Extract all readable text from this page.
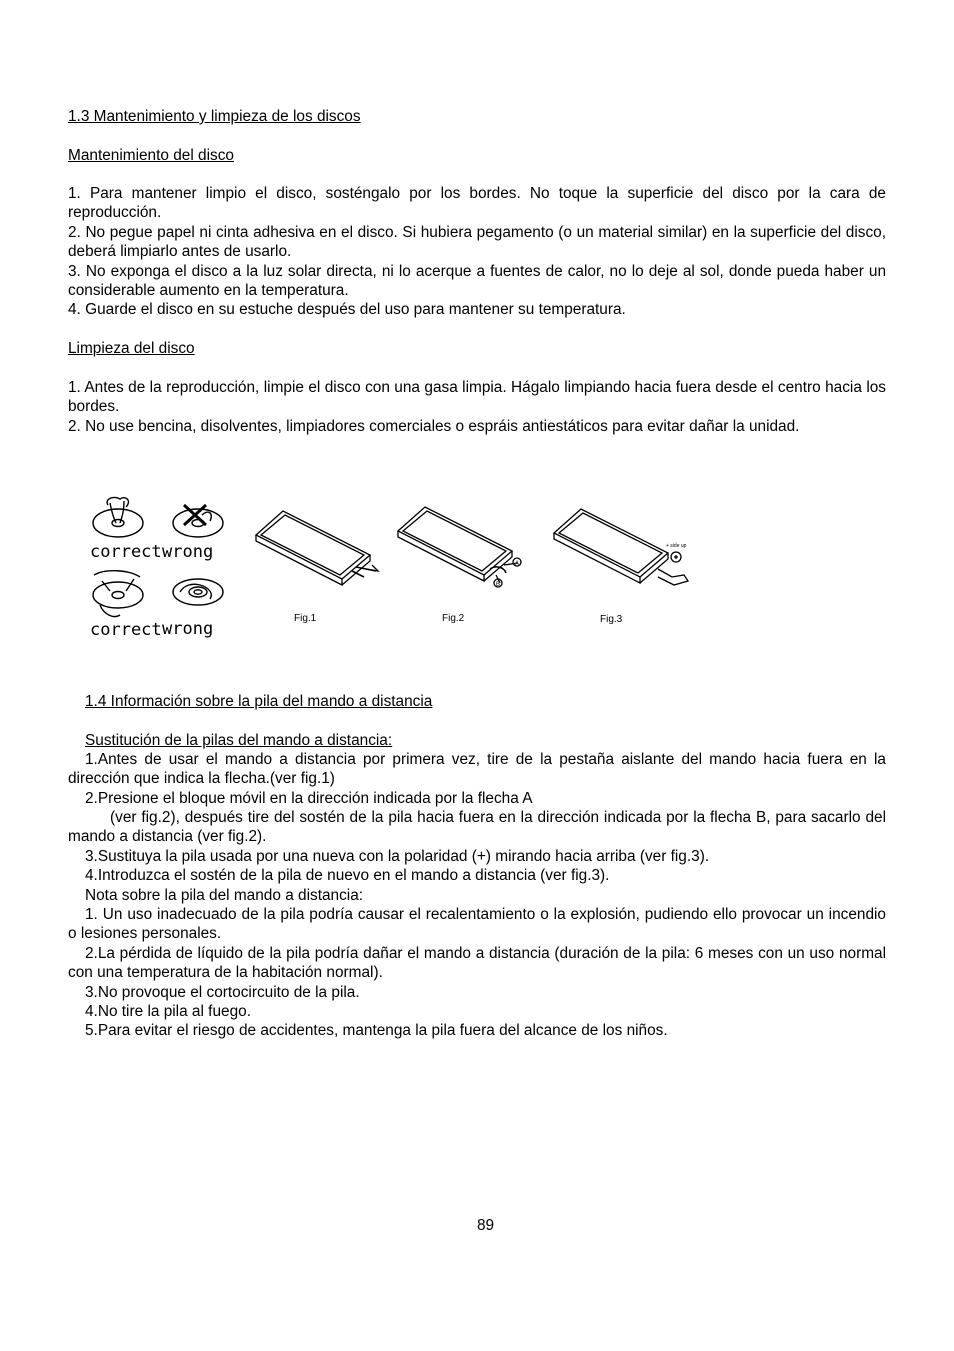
1.3 Mantenimiento y limpieza de los discos

Mantenimiento del disco

1. Para mantener limpio el disco, sosténgalo por los bordes. No toque la superficie del disco por la cara de reproducción.

2. No pegue papel ni cinta adhesiva en el disco. Si hubiera pegamento (o un material similar) en la superficie del disco, deberá limpiarlo antes de usarlo.

3. No exponga el disco a la luz solar directa, ni lo acerque a fuentes de calor, no lo deje al sol, donde pueda haber un considerable aumento en la temperatura.

4. Guarde el disco en su estuche después del uso para mantener su temperatura.

Limpieza del disco

1. Antes de la reproducción, limpie el disco con una gasa limpia. Hágalo limpiando hacia fuera desde el centro hacia los bordes.

2. No use bencina, disolventes, limpiadores comerciales o espráis antiestáticos para evitar dañar la unidad.

correct wrong
correct wrong
Fig.1
A
B
Fig.2
+ side up
Fig.3

1.4 Información sobre la pila del mando a distancia

Sustitución de la pilas del mando a distancia:

1.Antes de usar el mando a distancia por primera vez, tire de la pestaña aislante del mando hacia fuera en la dirección que indica la flecha.(ver fig.1)

2.Presione el bloque móvil en la dirección indicada por la flecha A

(ver fig.2), después tire del sostén de la pila hacia fuera en la dirección indicada por la flecha B, para sacarlo del mando a distancia (ver fig.2).

3.Sustituya la pila usada por una nueva con la polaridad (+) mirando hacia arriba (ver fig.3).

4.Introduzca el sostén de la pila de nuevo en el mando a distancia (ver fig.3).

Nota sobre la pila del mando a distancia:

1. Un uso inadecuado de la pila podría causar el recalentamiento o la explosión, pudiendo ello provocar un incendio o lesiones personales.

2.La pérdida de líquido de la pila podría dañar el mando a distancia (duración de la pila: 6 meses con un uso normal con una temperatura de la habitación normal).

3.No provoque el cortocircuito de la pila.

4.No tire la pila al fuego.

5.Para evitar el riesgo de accidentes, mantenga la pila fuera del alcance de los niños.

89
